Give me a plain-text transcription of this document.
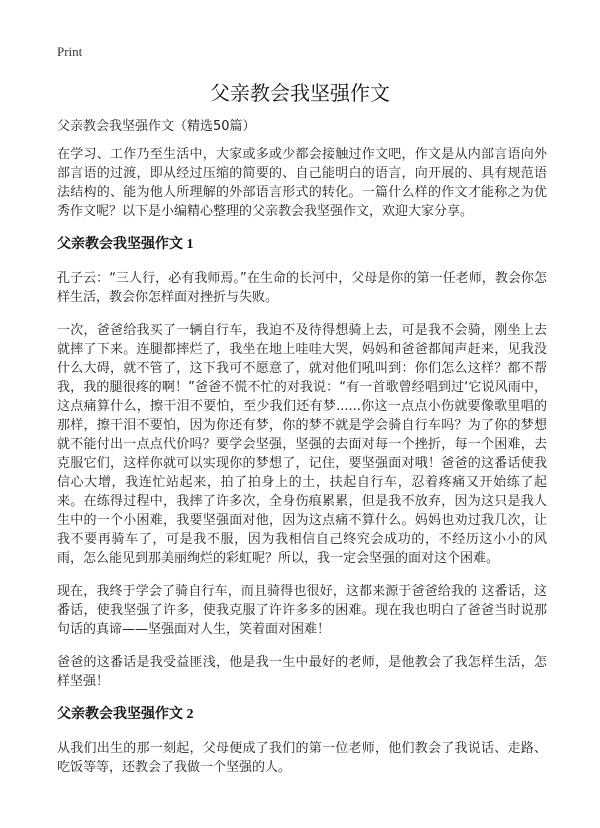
Print
父亲教会我坚强作文

父亲教会我坚强作文（精选50篇）

在学习、工作乃至生活中，大家或多或少都会接触过作文吧，作文是从内部言语向外部言语的过渡，即从经过压缩的简要的、自己能明白的语言，向开展的、具有规范语法结构的、能为他人所理解的外部语言形式的转化。一篇什么样的作文才能称之为优秀作文呢？以下是小编精心整理的父亲教会我坚强作文，欢迎大家分享。

父亲教会我坚强作文 1

孔子云：“三人行，必有我师焉。”在生命的长河中，父母是你的第一任老师，教会你怎样生活，教会你怎样面对挫折与失败。

一次，爸爸给我买了一辆自行车，我迫不及待得想骑上去，可是我不会骑，刚坐上去就摔了下来。连腿都摔烂了，我坐在地上哇哇大哭，妈妈和爸爸都闻声赶来，见我没什么大碍，就不管了，这下我可不愿意了，就对他们吼叫到：你们怎么这样？都不帮我，我的腿很疼的啊！”爸爸不慌不忙的对我说：“有一首歌曾经唱到过‘它说风雨中，这点痛算什么，擦干泪不要怕，至少我们还有梦......你这一点点小伤就要像歌里唱的那样，擦干泪不要怕，因为你还有梦，你的梦不就是学会骑自行车吗？为了你的梦想就不能付出一点点代价吗？要学会坚强，坚强的去面对每一个挫折，每一个困难，去克服它们，这样你就可以实现你的梦想了，记住，要坚强面对哦！爸爸的这番话使我信心大增，我连忙站起来，拍了拍身上的土，扶起自行车，忍着疼痛又开始练了起来。在练得过程中，我摔了许多次，全身伤痕累累，但是我不放弃，因为这只是我人生中的一个小困难，我要坚强面对他，因为这点痛不算什么。妈妈也劝过我几次，让我不要再骑车了，可是我不服，因为我相信自己终究会成功的，不经历这小小的风雨，怎么能见到那美丽绚烂的彩虹呢？所以，我一定会坚强的面对这个困难。

现在，我终于学会了骑自行车，而且骑得也很好，这都来源于爸爸给我的 这番话，这番话，使我坚强了许多，使我克服了许许多多的困难。现在我也明白了爸爸当时说那句话的真谛——坚强面对人生，笑着面对困难！

爸爸的这番话是我受益匪浅，他是我一生中最好的老师，是他教会了我怎样生活，怎样坚强！

父亲教会我坚强作文 2

从我们出生的那一刻起，父母便成了我们的第一位老师，他们教会了我说话、走路、吃饭等等，还教会了我做一个坚强的人。
